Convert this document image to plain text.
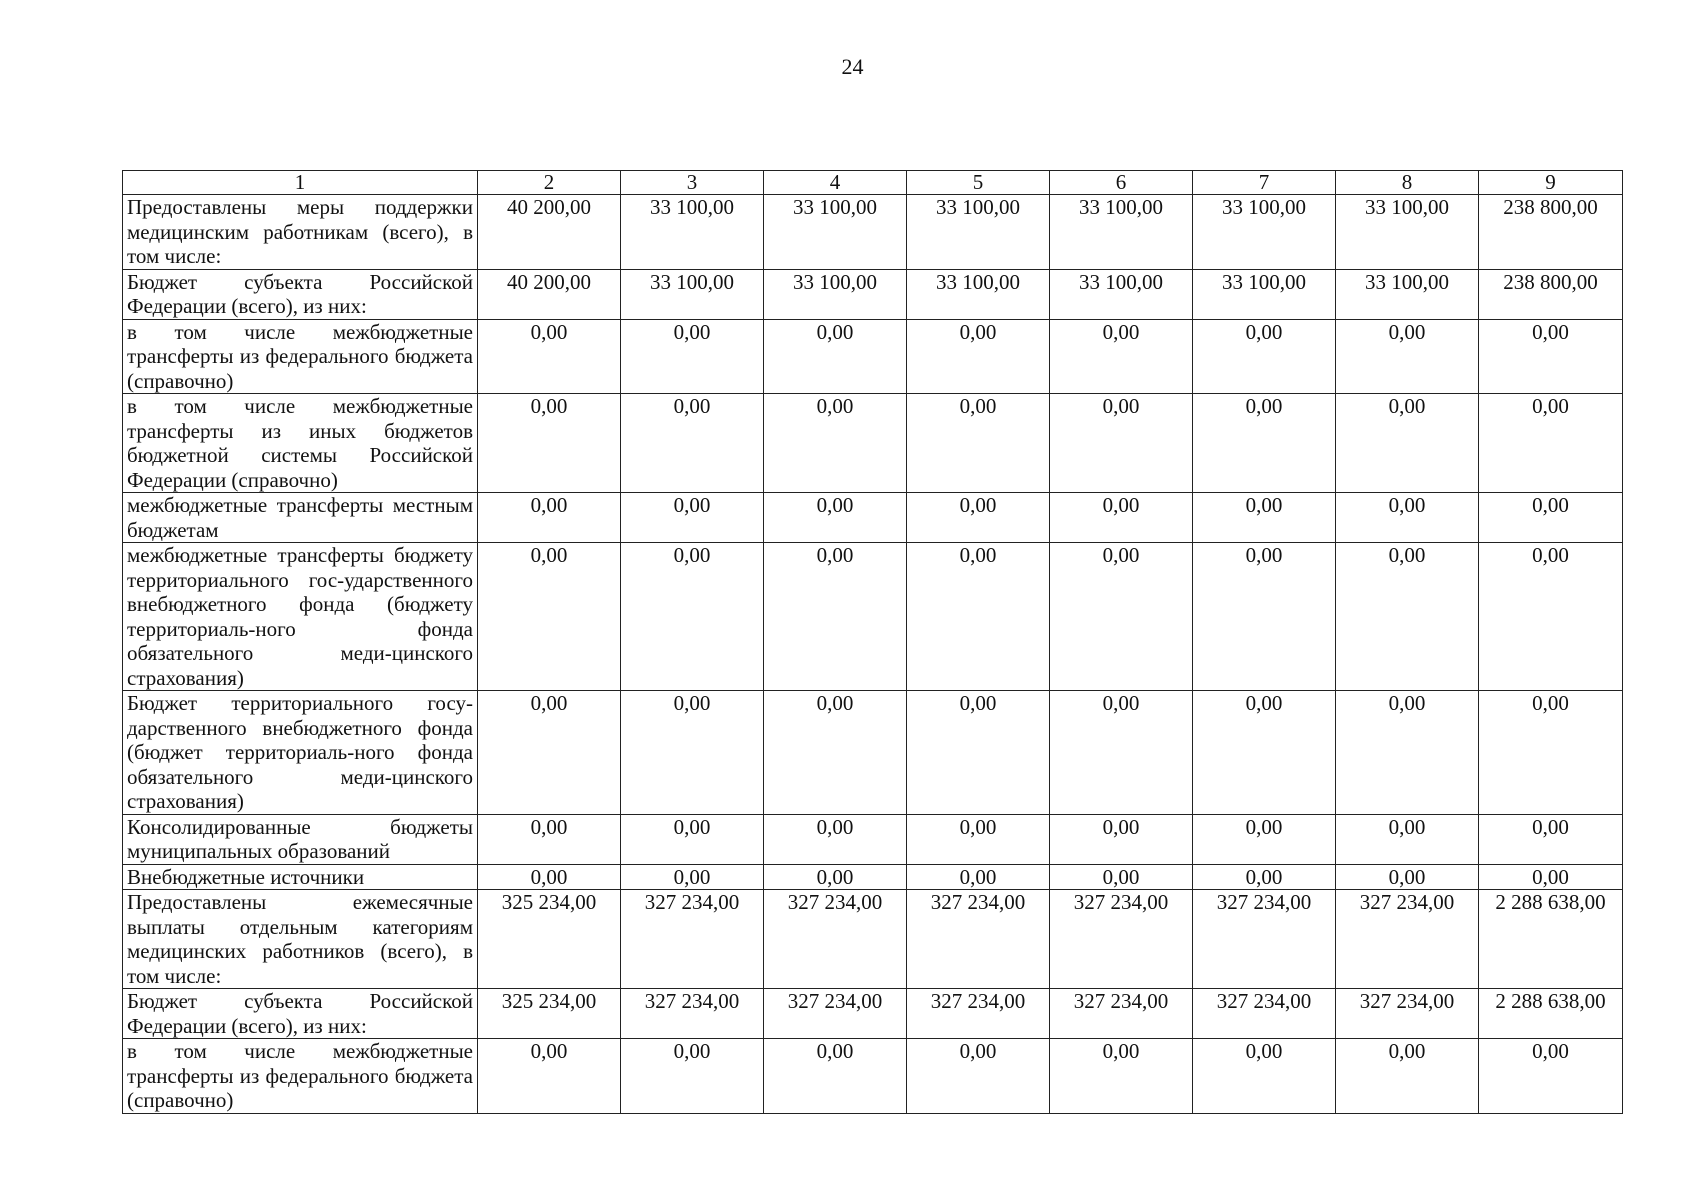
24
1	2	3	4	5	6	7	8	9
Предоставлены меры поддержки медицинским работникам (всего), в том числе:	40 200,00	33 100,00	33 100,00	33 100,00	33 100,00	33 100,00	33 100,00	238 800,00
Бюджет субъекта Российской Федерации (всего), из них:	40 200,00	33 100,00	33 100,00	33 100,00	33 100,00	33 100,00	33 100,00	238 800,00
в том числе межбюджетные трансферты из федерального бюджета (справочно)	0,00	0,00	0,00	0,00	0,00	0,00	0,00	0,00
в том числе межбюджетные трансферты из иных бюджетов бюджетной системы Российской Федерации (справочно)	0,00	0,00	0,00	0,00	0,00	0,00	0,00	0,00
межбюджетные трансферты местным бюджетам	0,00	0,00	0,00	0,00	0,00	0,00	0,00	0,00
межбюджетные трансферты бюджету территориального гос-ударственного внебюджетного фонда (бюджету территориаль-ного фонда обязательного меди-цинского страхования)	0,00	0,00	0,00	0,00	0,00	0,00	0,00	0,00
Бюджет территориального госу-дарственного внебюджетного фонда (бюджет территориаль-ного фонда обязательного меди-цинского страхования)	0,00	0,00	0,00	0,00	0,00	0,00	0,00	0,00
Консолидированные бюджеты муниципальных образований	0,00	0,00	0,00	0,00	0,00	0,00	0,00	0,00
Внебюджетные источники	0,00	0,00	0,00	0,00	0,00	0,00	0,00	0,00
Предоставлены ежемесячные выплаты отдельным категориям медицинских работников (всего), в том числе:	325 234,00	327 234,00	327 234,00	327 234,00	327 234,00	327 234,00	327 234,00	2 288 638,00
Бюджет субъекта Российской Федерации (всего), из них:	325 234,00	327 234,00	327 234,00	327 234,00	327 234,00	327 234,00	327 234,00	2 288 638,00
в том числе межбюджетные трансферты из федерального бюджета (справочно)	0,00	0,00	0,00	0,00	0,00	0,00	0,00	0,00
